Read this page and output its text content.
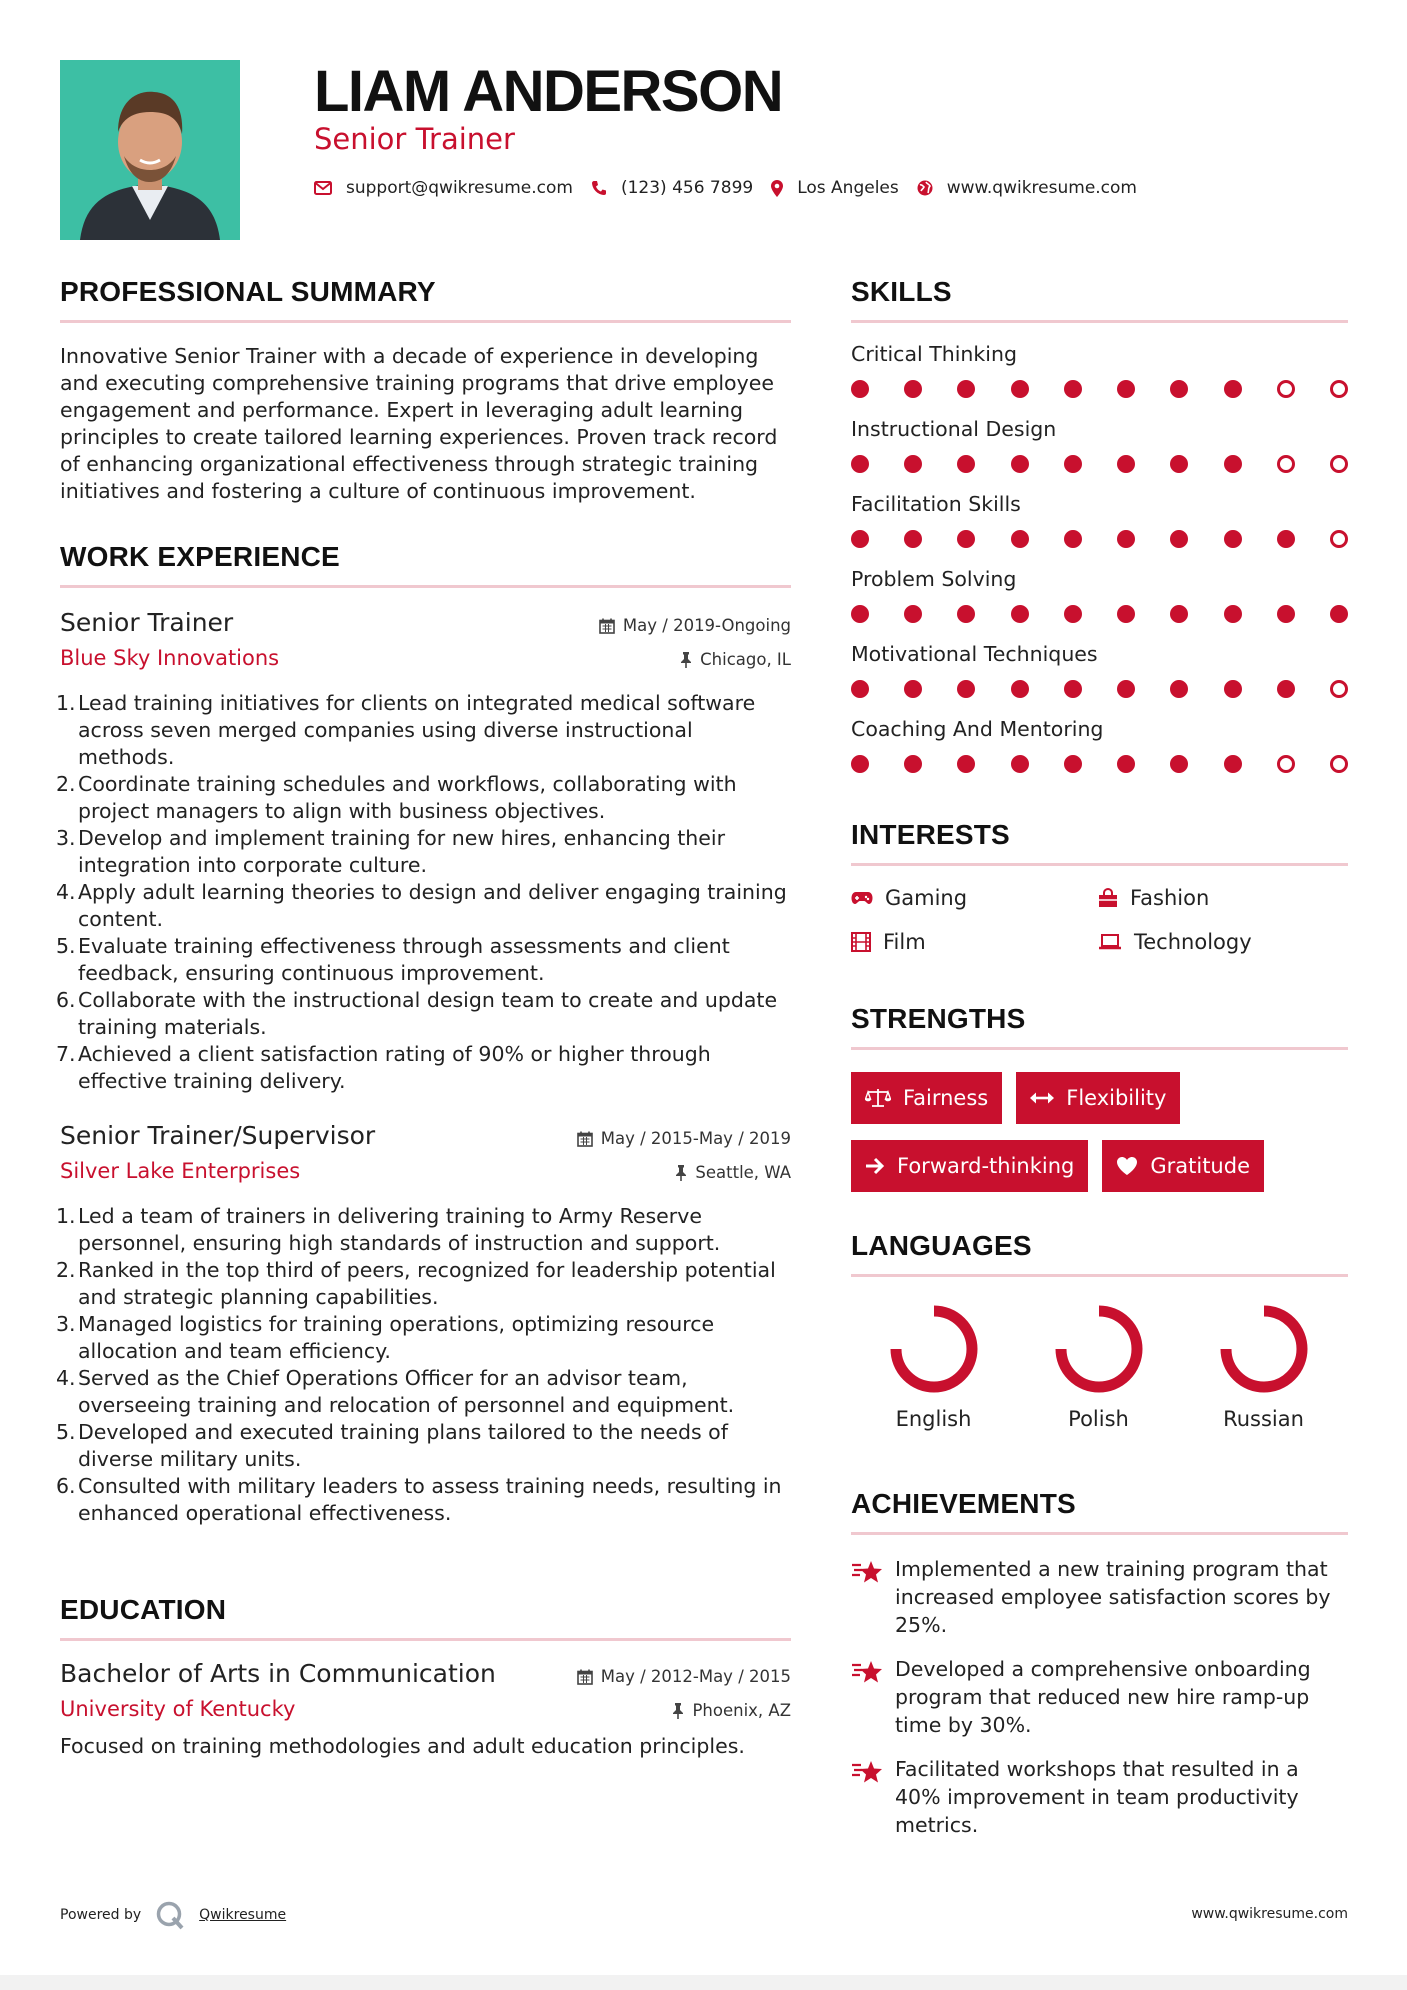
LIAM ANDERSON
Senior Trainer
support@qwikresume.com	(123) 456 7899	Los Angeles	www.qwikresume.com
PROFESSIONAL SUMMARY

Innovative Senior Trainer with a decade of experience in developing and executing comprehensive training programs that drive employee engagement and performance. Expert in leveraging adult learning principles to create tailored learning experiences. Proven track record of enhancing organizational effectiveness through strategic training initiatives and fostering a culture of continuous improvement.

WORK EXPERIENCE
Senior Trainer
Blue Sky Innovations
May / 2019-Ongoing
Chicago, IL
1. Lead training initiatives for clients on integrated medical software across seven merged companies using diverse instructional methods.
2. Coordinate training schedules and workflows, collaborating with project managers to align with business objectives.
3. Develop and implement training for new hires, enhancing their integration into corporate culture.
4. Apply adult learning theories to design and deliver engaging training content.
5. Evaluate training effectiveness through assessments and client feedback, ensuring continuous improvement.
6. Collaborate with the instructional design team to create and update training materials.
7. Achieved a client satisfaction rating of 90% or higher through effective training delivery.
Senior Trainer/Supervisor
Silver Lake Enterprises
May / 2015-May / 2019
Seattle, WA
1. Led a team of trainers in delivering training to Army Reserve personnel, ensuring high standards of instruction and support.
2. Ranked in the top third of peers, recognized for leadership potential and strategic planning capabilities.
3. Managed logistics for training operations, optimizing resource allocation and team efficiency.
4. Served as the Chief Operations Officer for an advisor team, overseeing training and relocation of personnel and equipment.
5. Developed and executed training plans tailored to the needs of diverse military units.
6. Consulted with military leaders to assess training needs, resulting in enhanced operational effectiveness.
EDUCATION
Bachelor of Arts in Communication
University of Kentucky
May / 2012-May / 2015
Phoenix, AZ

Focused on training methodologies and adult education principles.

SKILLS
Critical Thinking
Instructional Design
Facilitation Skills
Problem Solving
Motivational Techniques
Coaching And Mentoring
INTERESTS
Gaming	Fashion
Film	Technology
STRENGTHS
Fairness	Flexibility
Forward-thinking	Gratitude
LANGUAGES
English	Polish	Russian
ACHIEVEMENTS
Implemented a new training program that increased employee satisfaction scores by 25%.
Developed a comprehensive onboarding program that reduced new hire ramp-up time by 30%.
Facilitated workshops that resulted in a 40% improvement in team productivity metrics.
Powered by	Qwikresume	www.qwikresume.com
